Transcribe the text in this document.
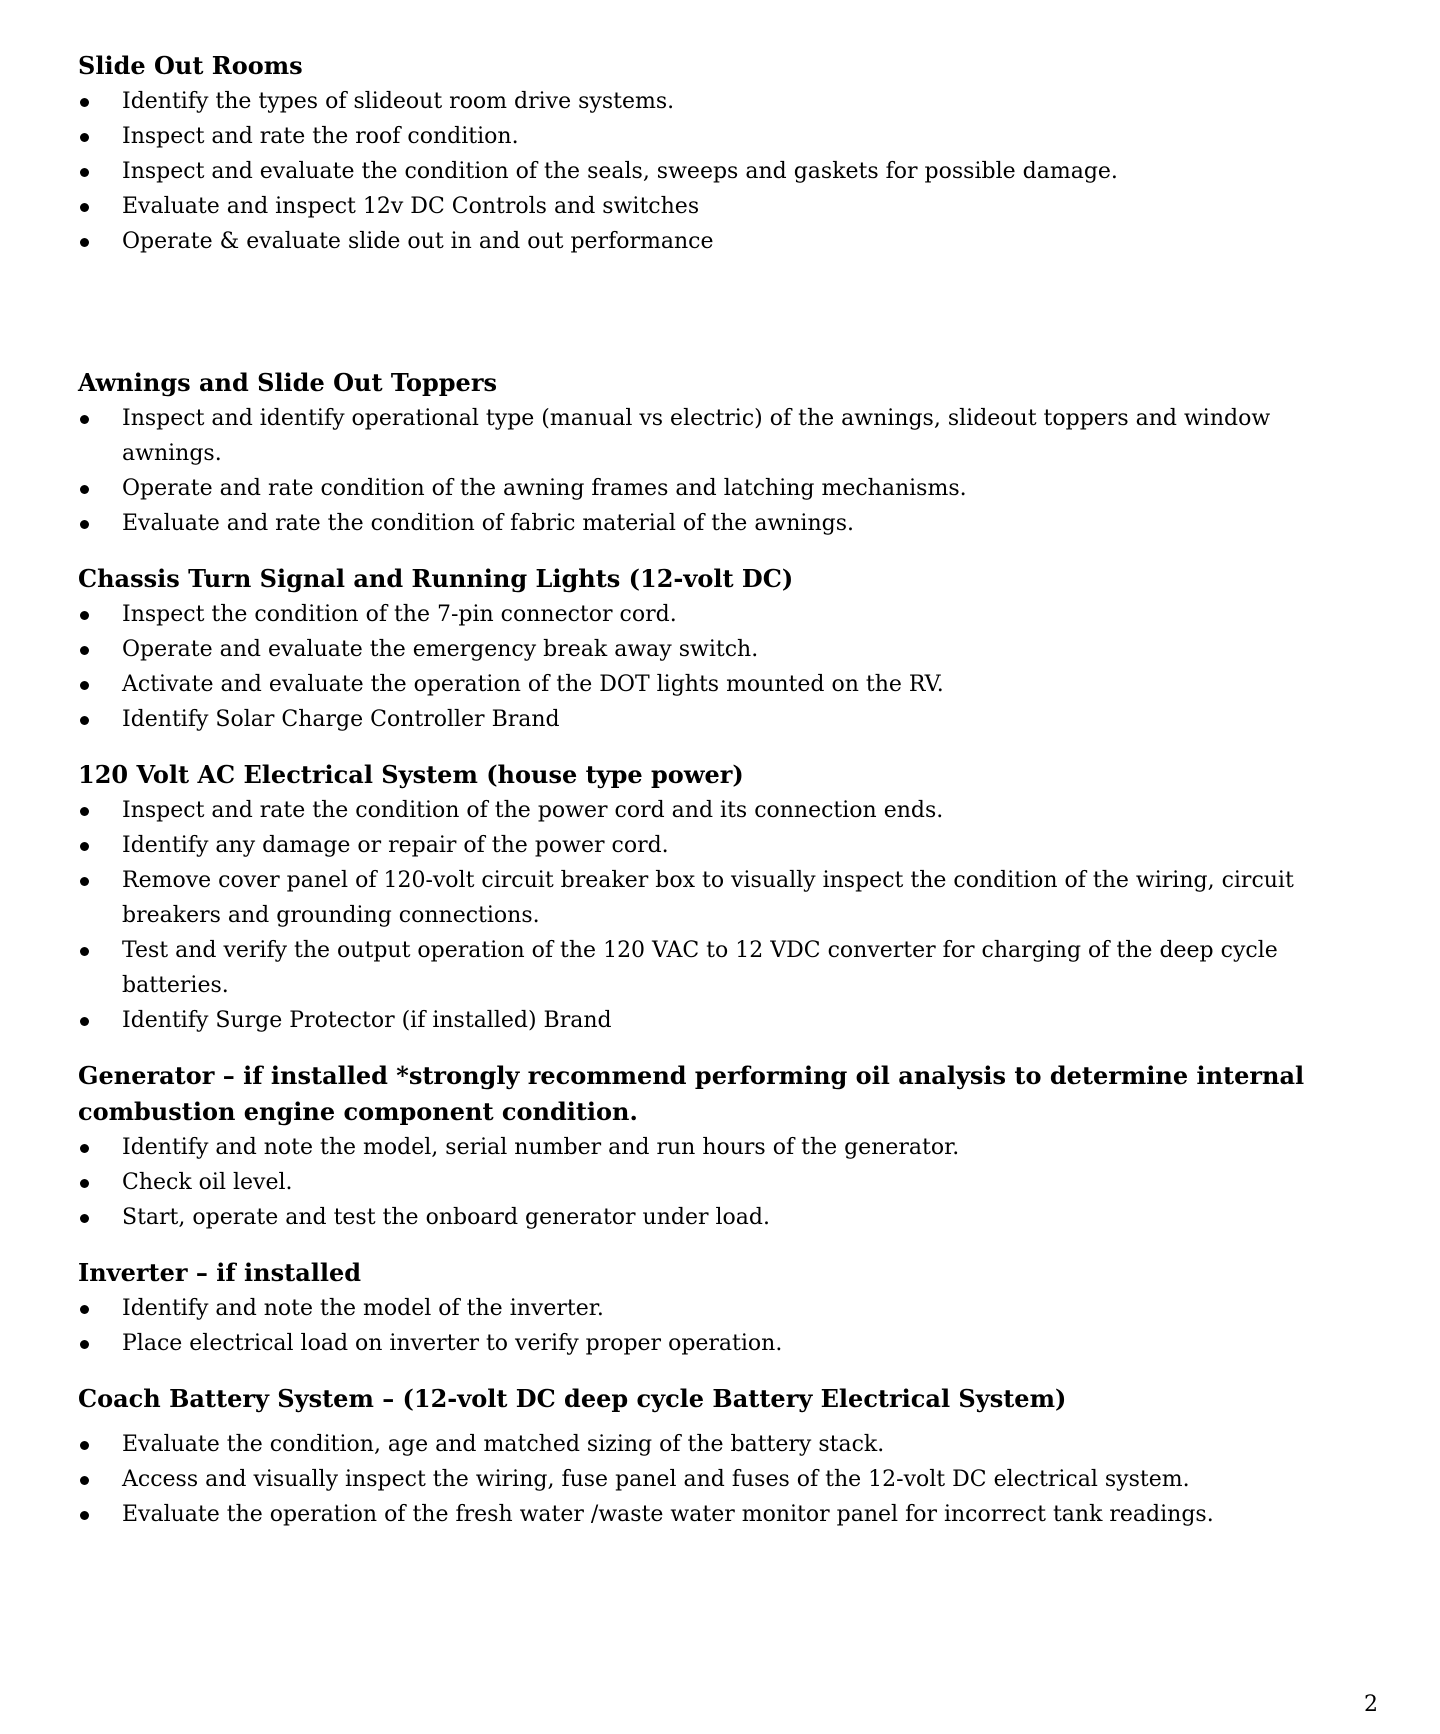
Slide Out Rooms
Identify the types of slideout room drive systems.
Inspect and rate the roof condition.
Inspect and evaluate the condition of the seals, sweeps and gaskets for possible damage.
Evaluate and inspect 12v DC Controls and switches
Operate & evaluate slide out in and out performance
Awnings and Slide Out Toppers
Inspect and identify operational type (manual vs electric) of the awnings, slideout toppers and window awnings.
Operate and rate condition of the awning frames and latching mechanisms.
Evaluate and rate the condition of fabric material of the awnings.
Chassis Turn Signal and Running Lights (12-volt DC)
Inspect the condition of the 7-pin connector cord.
Operate and evaluate the emergency break away switch.
Activate and evaluate the operation of the DOT lights mounted on the RV.
Identify Solar Charge Controller Brand
120 Volt AC Electrical System (house type power)
Inspect and rate the condition of the power cord and its connection ends.
Identify any damage or repair of the power cord.
Remove cover panel of 120-volt circuit breaker box to visually inspect the condition of the wiring, circuit breakers and grounding connections.
Test and verify the output operation of the 120 VAC to 12 VDC converter for charging of the deep cycle batteries.
Identify Surge Protector (if installed) Brand
Generator – if installed *strongly recommend performing oil analysis to determine internal combustion engine component condition.
Identify and note the model, serial number and run hours of the generator.
Check oil level.
Start, operate and test the onboard generator under load.
Inverter – if installed
Identify and note the model of the inverter.
Place electrical load on inverter to verify proper operation.
Coach Battery System – (12-volt DC deep cycle Battery Electrical System)
Evaluate the condition, age and matched sizing of the battery stack.
Access and visually inspect the wiring, fuse panel and fuses of the 12-volt DC electrical system.
Evaluate the operation of the fresh water /waste water monitor panel for incorrect tank readings.
2
